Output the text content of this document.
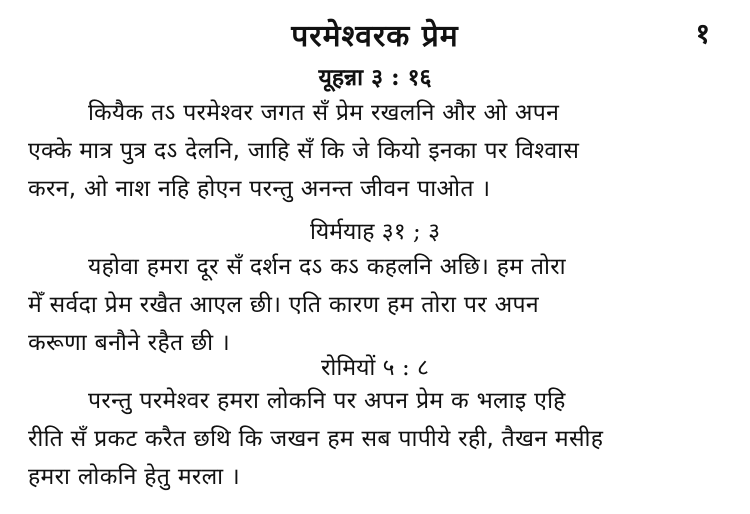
परमेश्वरक प्रेम	१
यूहन्ना ३ : १६
कियैक तऽ परमेश्वर जगत सँ प्रेम रखलनि और ओ अपन
एक्के मात्र पुत्र दऽ देलनि, जाहि सँ कि जे कियो इनका पर विश्वास
करन, ओ नाश नहि होएन परन्तु अनन्त जीवन पाओत ।
यिर्मयाह ३१ ; ३
यहोवा हमरा दूर सँ दर्शन दऽ कऽ कहलनि अछि। हम तोरा
मेँ सर्वदा प्रेम रखैत आएल छी। एति कारण हम तोरा पर अपन
करूणा बनौने रहैत छी ।
रोमियों ५ : ८
परन्तु परमेश्वर हमरा लोकनि पर अपन प्रेम क भलाइ एहि
रीति सँ प्रकट करैत छथि कि जखन हम सब पापीये रही, तैखन मसीह
हमरा लोकनि हेतु मरला ।
